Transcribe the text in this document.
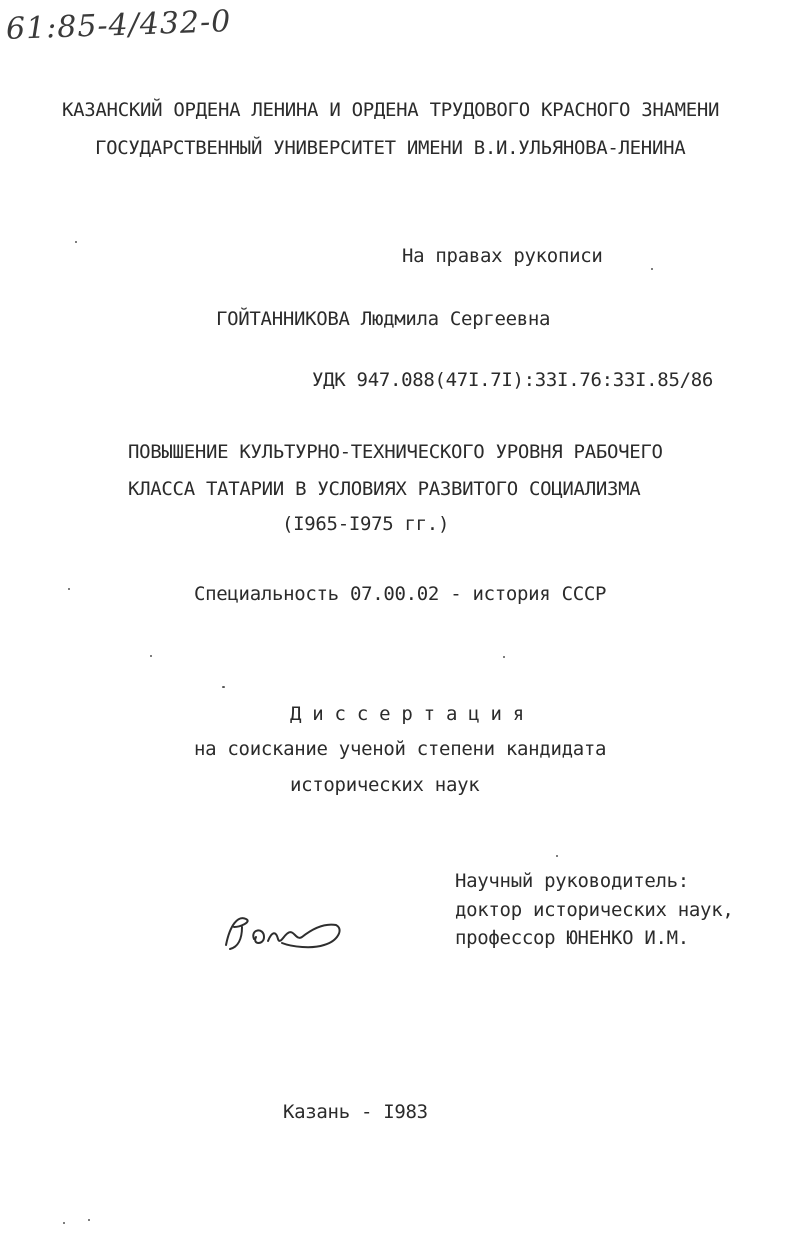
61:85-4/432-0
КАЗАНСКИЙ ОРДЕНА ЛЕНИНА И ОРДЕНА ТРУДОВОГО КРАСНОГО ЗНАМЕНИ
ГОСУДАРСТВЕННЫЙ УНИВЕРСИТЕТ ИМЕНИ В.И.УЛЬЯНОВА-ЛЕНИНА
На правах рукописи
ГОЙТАННИКОВА Людмила Сергеевна
УДК 947.088(47I.7I):33I.76:33I.85/86
ПОВЫШЕНИЕ КУЛЬТУРНО-ТЕХНИЧЕСКОГО УРОВНЯ РАБОЧЕГО
КЛАССА ТАТАРИИ В УСЛОВИЯХ РАЗВИТОГО СОЦИАЛИЗМА
(I965-I975 гг.)
Специальность 07.00.02 - история СССР
Д и с с е р т а ц и я
на соискание ученой степени кандидата
исторических наук
Научный руководитель:
доктор исторических наук,
профессор ЮНЕНКО И.М.
Казань - I983
